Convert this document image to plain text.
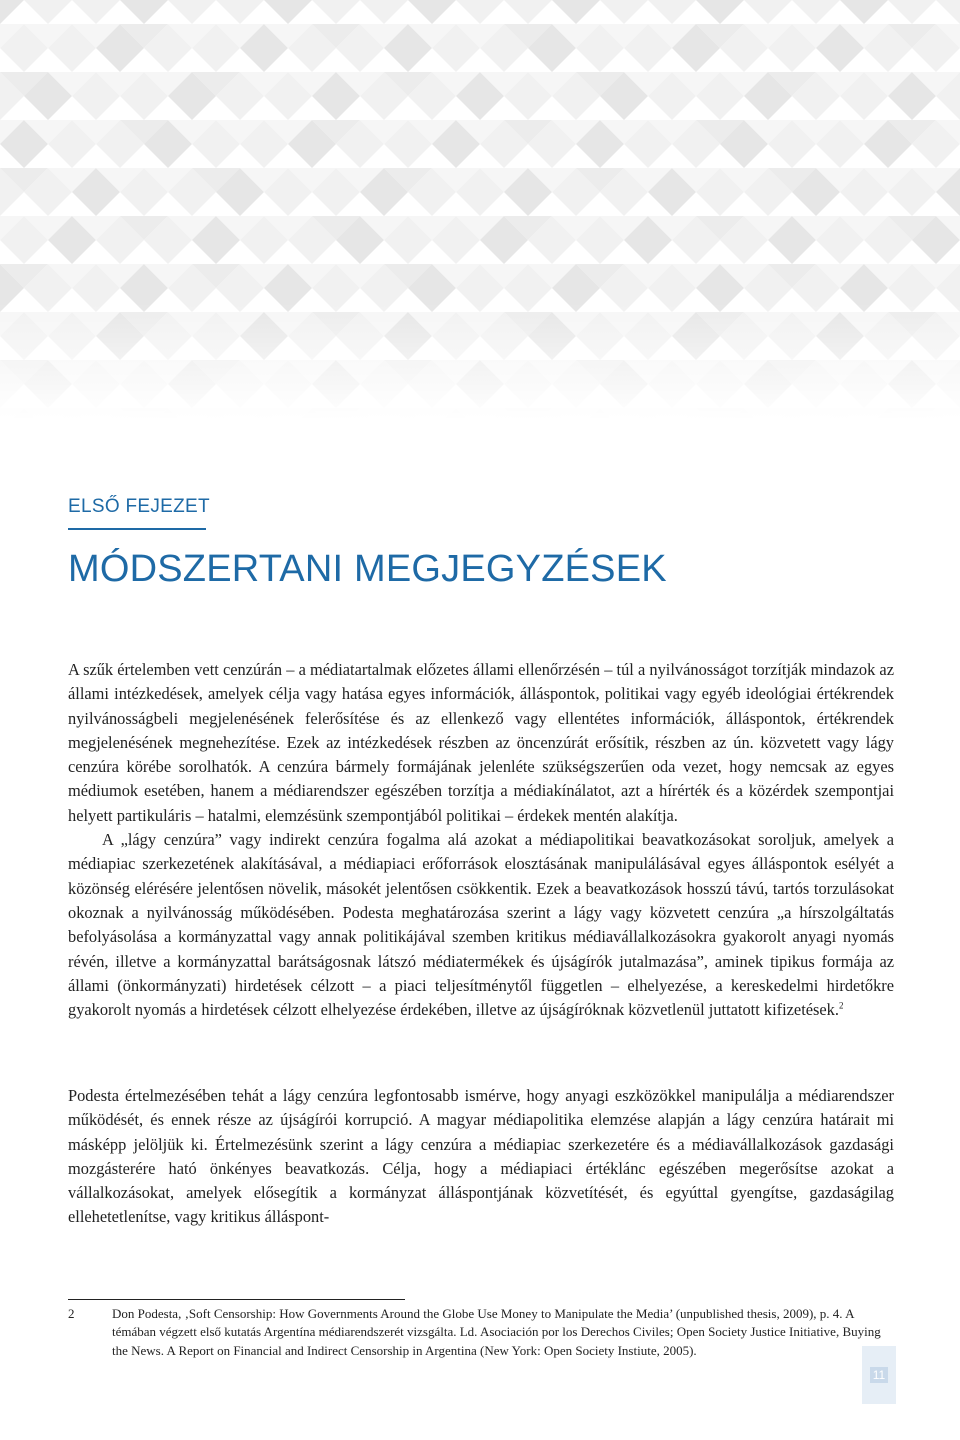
ELSŐ FEJEZET
MÓDSZERTANI MEGJEGYZÉSEK

A szűk értelemben vett cenzúrán – a médiatartalmak előzetes állami ellenőrzésén – túl a nyilvánosságot torzítják mindazok az állami intézkedések, amelyek célja vagy hatása egyes információk, álláspontok, politikai vagy egyéb ideológiai értékrendek nyilvánosságbeli megjelenésének felerősítése és az ellenkező vagy ellentétes információk, álláspontok, értékrendek megjelenésének megnehezítése. Ezek az intézkedések részben az öncenzúrát erősítik, részben az ún. közvetett vagy lágy cenzúra körébe sorolhatók. A cenzúra bármely formájának jelenléte szükségszerűen oda vezet, hogy nemcsak az egyes médiumok esetében, hanem a médiarendszer egészében torzítja a médiakínálatot, azt a hírérték és a közérdek szempontjai helyett partikuláris – hatalmi, elemzésünk szempontjából politikai – érdekek mentén alakítja.

A „lágy cenzúra” vagy indirekt cenzúra fogalma alá azokat a médiapolitikai beavatkozásokat soroljuk, amelyek a médiapiac szerkezetének alakításával, a médiapiaci erőforrások elosztásának manipulálásával egyes álláspontok esélyét a közönség elérésére jelentősen növelik, másokét jelentősen csökkentik. Ezek a beavatkozások hosszú távú, tartós torzulásokat okoznak a nyilvánosság működésében. Podesta meghatározása szerint a lágy vagy közvetett cenzúra „a hírszolgáltatás befolyásolása a kormányzattal vagy annak politikájával szemben kritikus médiavállalkozásokra gyakorolt anyagi nyomás révén, illetve a kormányzattal barátságosnak látszó médiatermékek és újságírók jutalmazása”, aminek tipikus formája az állami (önkormányzati) hirdetések célzott – a piaci teljesítménytől független – elhelyezése, a kereskedelmi hirdetőkre gyakorolt nyomás a hirdetések célzott elhelyezése érdekében, illetve az újságíróknak közvetlenül juttatott kifizetések.$^2$

Podesta értelmezésében tehát a lágy cenzúra legfontosabb ismérve, hogy anyagi eszközökkel manipulálja a médiarendszer működését, és ennek része az újságírói korrupció. A magyar médiapolitika elemzése alapján a lágy cenzúra határait mi másképp jelöljük ki. Értelmezésünk szerint a lágy cenzúra a médiapiac szerkezetére és a médiavállalkozások gazdasági mozgásterére ható önkényes beavatkozás. Célja, hogy a médiapiaci értéklánc egészében megerősítse azokat a vállalkozásokat, amelyek elősegítik a kormányzat álláspontjának közvetítését, és egyúttal gyengítse, gazdaságilag ellehetetlenítse, vagy kritikus álláspont-

2	Don Podesta, ‚Soft Censorship: How Governments Around the Globe Use Money to Manipulate the Media’ (unpublished thesis, 2009), p. 4. A témában végzett első kutatás Argentína médiarendszerét vizsgálta. Ld. Asociación por los Derechos Civiles; Open Society Justice Initiative, Buying the News. A Report on Financial and Indirect Censorship in Argentina (New York: Open Society Instiute, 2005).
11
